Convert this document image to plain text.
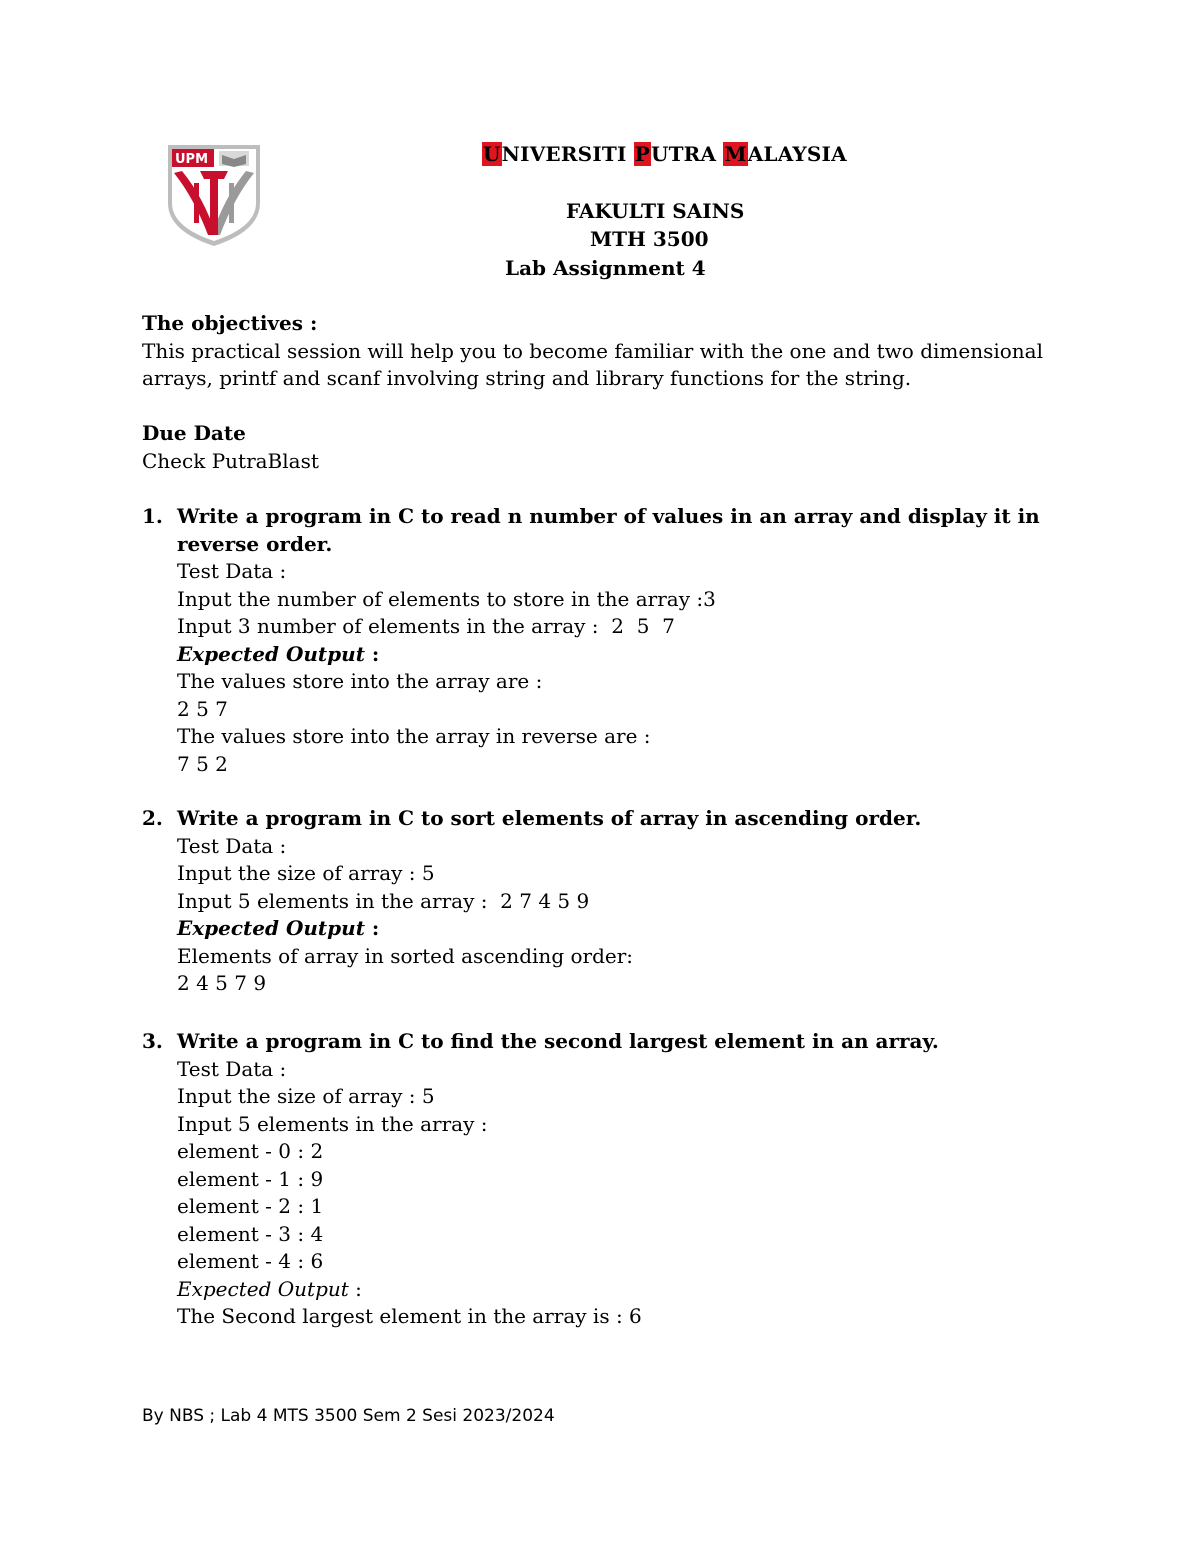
UPM	UNIVERSITI PUTRA MALAYSIA
FAKULTI SAINS
MTH 3500
Lab Assignment 4

The objectives :

This practical session will help you to become familiar with the one and two dimensional arrays, printf and scanf involving string and library functions for the string.

Due Date

Check PutraBlast

1. Write a program in C to read n number of values in an array and display it in reverse order.
Test Data :
Input the number of elements to store in the array :3
Input 3 number of elements in the array :  2  5  7
Expected Output :
The values store into the array are :
2 5 7
The values store into the array in reverse are :
7 5 2
2. Write a program in C to sort elements of array in ascending order.
Test Data :
Input the size of array : 5
Input 5 elements in the array :  2 7 4 5 9
Expected Output :
Elements of array in sorted ascending order:
2 4 5 7 9
3. Write a program in C to find the second largest element in an array.
Test Data :
Input the size of array : 5
Input 5 elements in the array :
element - 0 : 2
element - 1 : 9
element - 2 : 1
element - 3 : 4
element - 4 : 6
Expected Output :
The Second largest element in the array is : 6
By NBS ; Lab 4 MTS 3500 Sem 2 Sesi 2023/2024
